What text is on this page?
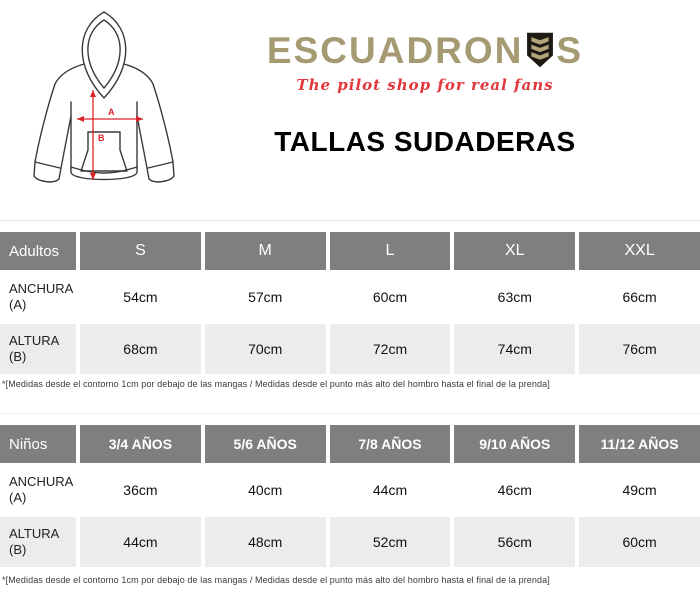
A
B
ESCUADRON S
The pilot shop for real fans
TALLAS SUDADERAS
Adultos	S	M	L	XL	XXL
ANCHURA
(A)	54cm	57cm	60cm	63cm	66cm
ALTURA
(B)	68cm	70cm	72cm	74cm	76cm
*[Medidas desde el contorno 1cm por debajo de las mangas / Medidas desde el punto más alto del hombro hasta el final de la prenda]
Niños	3/4 AÑOS	5/6 AÑOS	7/8 AÑOS	9/10 AÑOS	11/12 AÑOS
ANCHURA
(A)	36cm	40cm	44cm	46cm	49cm
ALTURA
(B)	44cm	48cm	52cm	56cm	60cm
*[Medidas desde el contorno 1cm por debajo de las mangas / Medidas desde el punto más alto del hombro hasta el final de la prenda]
